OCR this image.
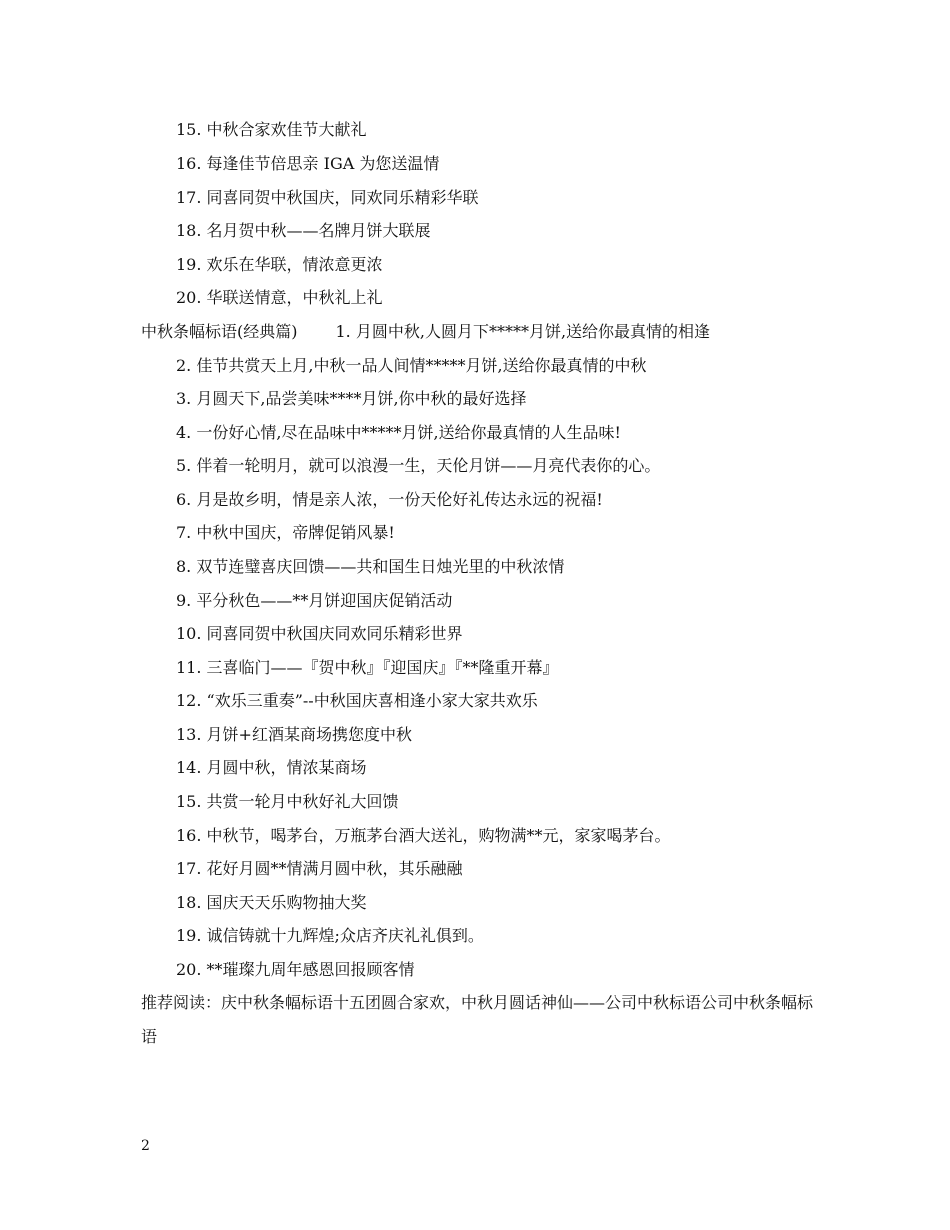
15. 中秋合家欢佳节大献礼
16. 每逢佳节倍思亲 IGA 为您送温情
17. 同喜同贺中秋国庆，同欢同乐精彩华联
18. 名月贺中秋——名牌月饼大联展
19. 欢乐在华联，情浓意更浓
20. 华联送情意，中秋礼上礼
中秋条幅标语(经典篇) 1. 月圆中秋,人圆月下*****月饼,送给你最真情的相逢
2. 佳节共赏天上月,中秋一品人间情*****月饼,送给你最真情的中秋
3. 月圆天下,品尝美味****月饼,你中秋的最好选择
4. 一份好心情,尽在品味中*****月饼,送给你最真情的人生品味!
5. 伴着一轮明月，就可以浪漫一生，天伦月饼——月亮代表你的心。
6. 月是故乡明，情是亲人浓，一份天伦好礼传达永远的祝福!
7. 中秋中国庆，帝牌促销风暴!
8. 双节连璧喜庆回馈——共和国生日烛光里的中秋浓情
9. 平分秋色——**月饼迎国庆促销活动
10. 同喜同贺中秋国庆同欢同乐精彩世界
11. 三喜临门——『贺中秋』『迎国庆』『**隆重开幕』
12. “欢乐三重奏”--中秋国庆喜相逢小家大家共欢乐
13. 月饼+红酒某商场携您度中秋
14. 月圆中秋，情浓某商场
15. 共赏一轮月中秋好礼大回馈
16. 中秋节，喝茅台，万瓶茅台酒大送礼，购物满**元，家家喝茅台。
17. 花好月圆**情满月圆中秋，其乐融融
18. 国庆天天乐购物抽大奖
19. 诚信铸就十九辉煌;众店齐庆礼礼俱到。
20. **璀璨九周年感恩回报顾客情
推荐阅读：庆中秋条幅标语十五团圆合家欢，中秋月圆话神仙——公司中秋标语公司中秋条幅标语
2
